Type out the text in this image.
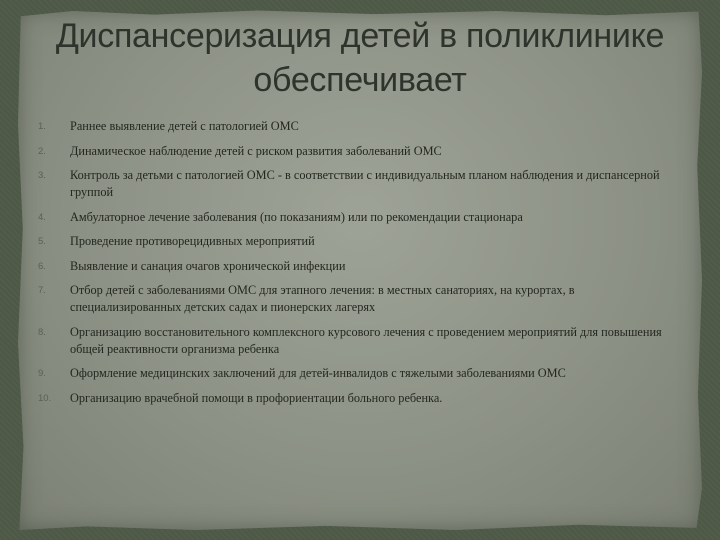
Диспансеризация детей в поликлинике
обеспечивает
1.	Раннее выявление детей с патологией ОМС
2.	Динамическое наблюдение детей с риском развития заболеваний ОМС
3.	Контроль за детьми с патологией ОМС - в соответствии с индивидуальным планом наблюдения и диспансерной группой
4.	Амбулаторное лечение заболевания (по показаниям) или по рекомендации стационара
5.	Проведение противорецидивных мероприятий
6.	Выявление и санация очагов хронической инфекции
7.	Отбор детей с заболеваниями ОМС для этапного лечения: в местных санаториях, на курортах, в специализированных детских садах и пионерских лагерях
8.	Организацию восстановительного комплексного курсового лечения с проведением мероприятий для повышения общей реактивности организма ребенка
9.	Оформление медицинских заключений для детей-инвалидов с тяжелыми заболеваниями ОМС
10.	Организацию врачебной помощи в профориентации больного ребенка.
